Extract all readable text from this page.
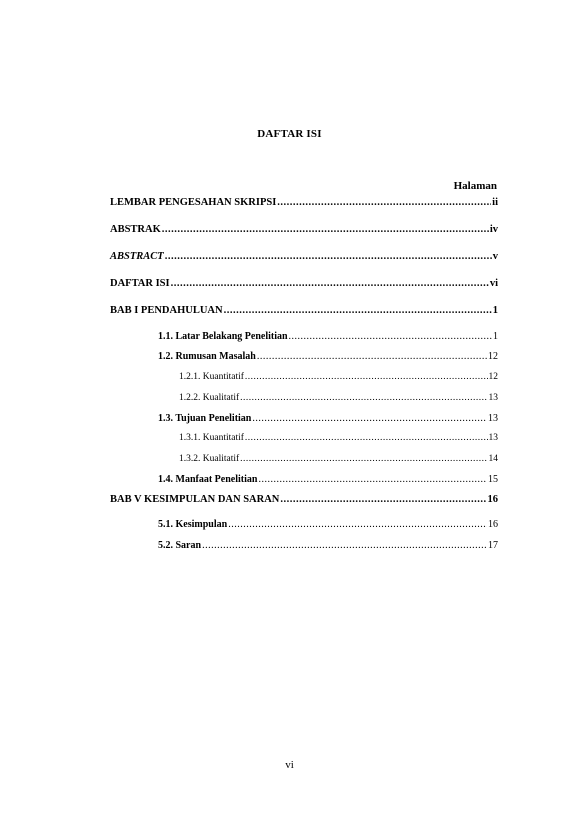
DAFTAR ISI
Halaman
LEMBAR PENGESAHAN SKRIPSI .....	ii
ABSTRAK .....	iv
ABSTRACT .....	v
DAFTAR ISI .....	vi
BAB I PENDAHULUAN .....	1
1.1. Latar Belakang Penelitian .....	1
1.2. Rumusan Masalah .....	12
1.2.1. Kuantitatif .....	12
1.2.2. Kualitatif .....	13
1.3. Tujuan Penelitian .....	13
1.3.1. Kuantitatif .....	13
1.3.2. Kualitatif .....	14
1.4. Manfaat Penelitian .....	15
BAB V KESIMPULAN DAN SARAN .....	16
5.1. Kesimpulan .....	16
5.2. Saran .....	17
vi
